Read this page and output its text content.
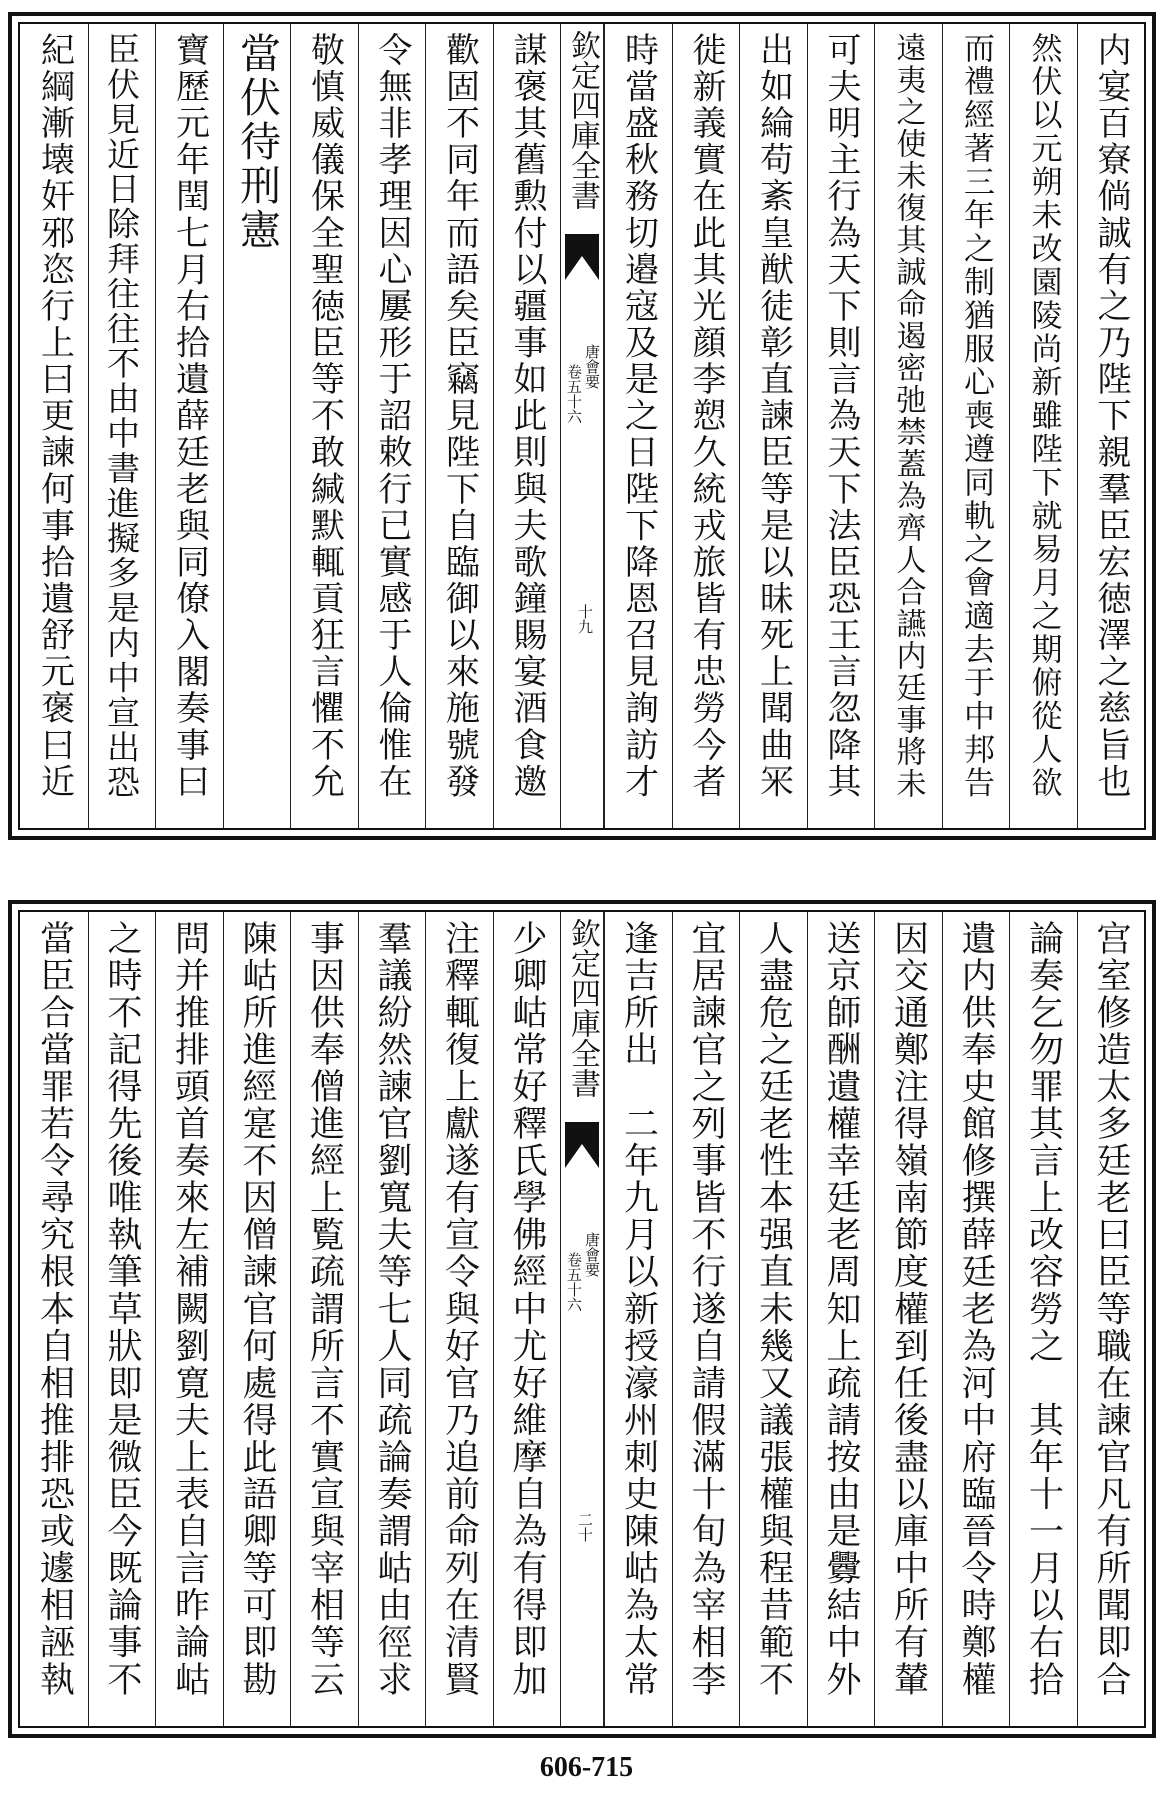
内宴百寮倘誠有之乃陛下親羣臣宏徳澤之慈旨也
然伏以元朔未改園陵尚新雖陛下就易月之期俯從人欲
而禮經著三年之制猶服心喪遵同軌之會適去于中邦告
遠夷之使未復其誠命遏密弛禁蓋為齊人合讌内廷事將未
可夫明主行為天下則言為天下法臣恐王言忽降其
出如綸苟紊皇猷徒彰直諫臣等是以昧死上聞曲冞
徙新義實在此其光顔李愬久統戎旅皆有忠勞今者
時當盛秋務切邉寇及是之日陛下降恩召見詢訪才
欽定四庫全書
唐會要
卷五十六
十九
謀褒其舊勲付以疆事如此則與夫歌鐘賜宴酒食邀
歡固不同年而語矣臣竊見陛下自臨御以來施號發
令無非孝理因心屢形于詔敕行已實感于人倫惟在
敬慎威儀保全聖徳臣等不敢緘默輒貢狂言懼不允
當伏待刑憲
寶歷元年閏七月右拾遺薛廷老與同僚入閣奏事曰
臣伏見近日除拜往往不由中書進擬多是内中宣出恐
紀綱漸壊奸邪恣行上曰更諫何事拾遺舒元褒曰近
宫室修造太多廷老曰臣等職在諫官凡有所聞即合
論奏乞勿罪其言上改容勞之　其年十一月以右拾
遺内供奉史館修撰薛廷老為河中府臨晉令時鄭權
因交通鄭注得嶺南節度權到任後盡以庫中所有輦
送京師酬遺權幸廷老周知上疏請按由是釁結中外
人盡危之廷老性本强直未幾又議張權與程昔範不
宜居諫官之列事皆不行遂自請假滿十旬為宰相李
逢吉所出　二年九月以新授濠州刺史陳岵為太常
欽定四庫全書
唐會要
卷五十六
二十
少卿岵常好釋氏學佛經中尤好維摩自為有得即加
注釋輒復上獻遂有宣令與好官乃追前命列在清賢
羣議紛然諫官劉寬夫等七人同疏論奏謂岵由徑求
事因供奉僧進經上覧疏謂所言不實宣與宰相等云
陳岵所進經寔不因僧諫官何處得此語卿等可即勘
問并推排頭首奏來左補闕劉寛夫上表自言昨論岵
之時不記得先後唯執筆草狀即是微臣今既論事不
當臣合當罪若令尋究根本自相推排恐或遽相誣執
606-715
